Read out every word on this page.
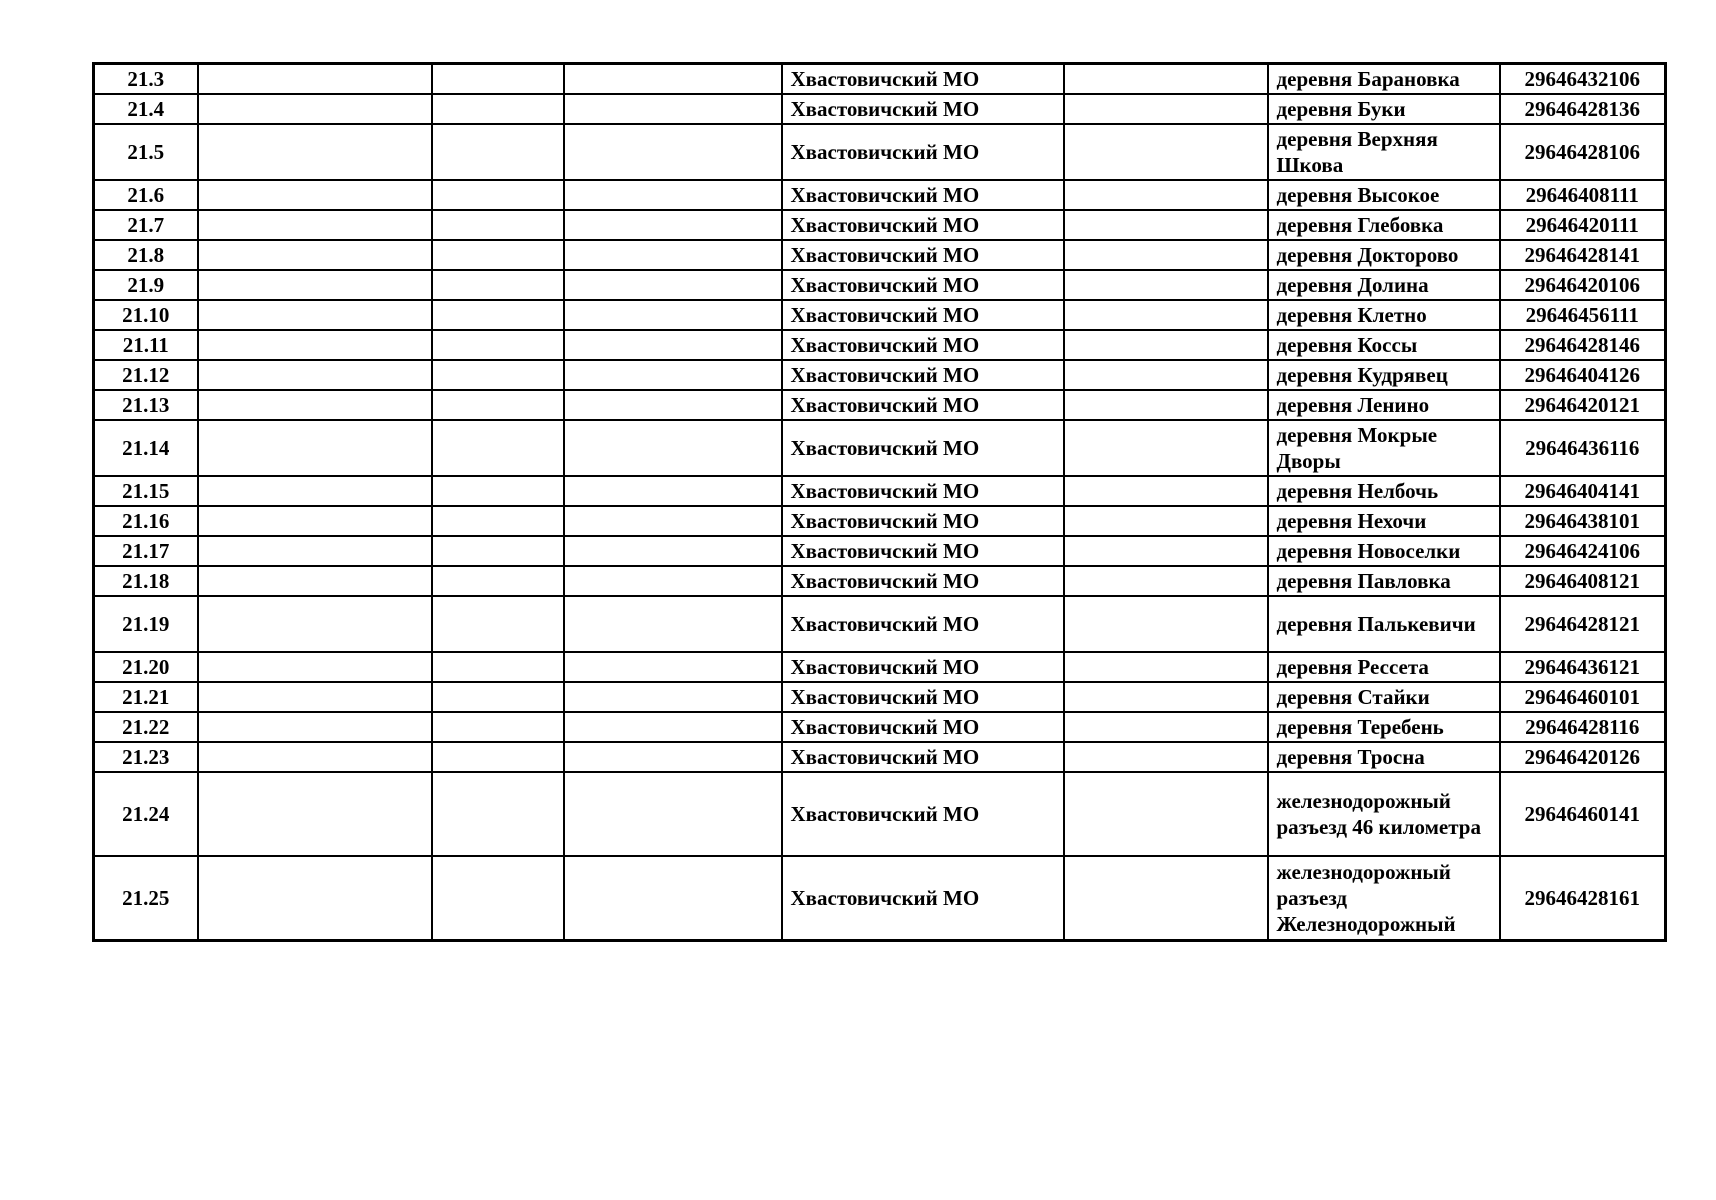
21.3				Хвастовичский МО		деревня Барановка	29646432106
21.4				Хвастовичский МО		деревня Буки	29646428136
21.5				Хвастовичский МО		деревня Верхняя Шкова	29646428106
21.6				Хвастовичский МО		деревня Высокое	29646408111
21.7				Хвастовичский МО		деревня Глебовка	29646420111
21.8				Хвастовичский МО		деревня Докторово	29646428141
21.9				Хвастовичский МО		деревня Долина	29646420106
21.10				Хвастовичский МО		деревня Клетно	29646456111
21.11				Хвастовичский МО		деревня Коссы	29646428146
21.12				Хвастовичский МО		деревня Кудрявец	29646404126
21.13				Хвастовичский МО		деревня Ленино	29646420121
21.14				Хвастовичский МО		деревня Мокрые Дворы	29646436116
21.15				Хвастовичский МО		деревня Нелбочь	29646404141
21.16				Хвастовичский МО		деревня Нехочи	29646438101
21.17				Хвастовичский МО		деревня Новоселки	29646424106
21.18				Хвастовичский МО		деревня Павловка	29646408121
21.19				Хвастовичский МО		деревня Палькевичи	29646428121
21.20				Хвастовичский МО		деревня Рессета	29646436121
21.21				Хвастовичский МО		деревня Стайки	29646460101
21.22				Хвастовичский МО		деревня Теребень	29646428116
21.23				Хвастовичский МО		деревня Тросна	29646420126
21.24				Хвастовичский МО		железнодорожный разъезд 46 километра	29646460141
21.25				Хвастовичский МО		железнодорожный разъезд Железнодорожный	29646428161
